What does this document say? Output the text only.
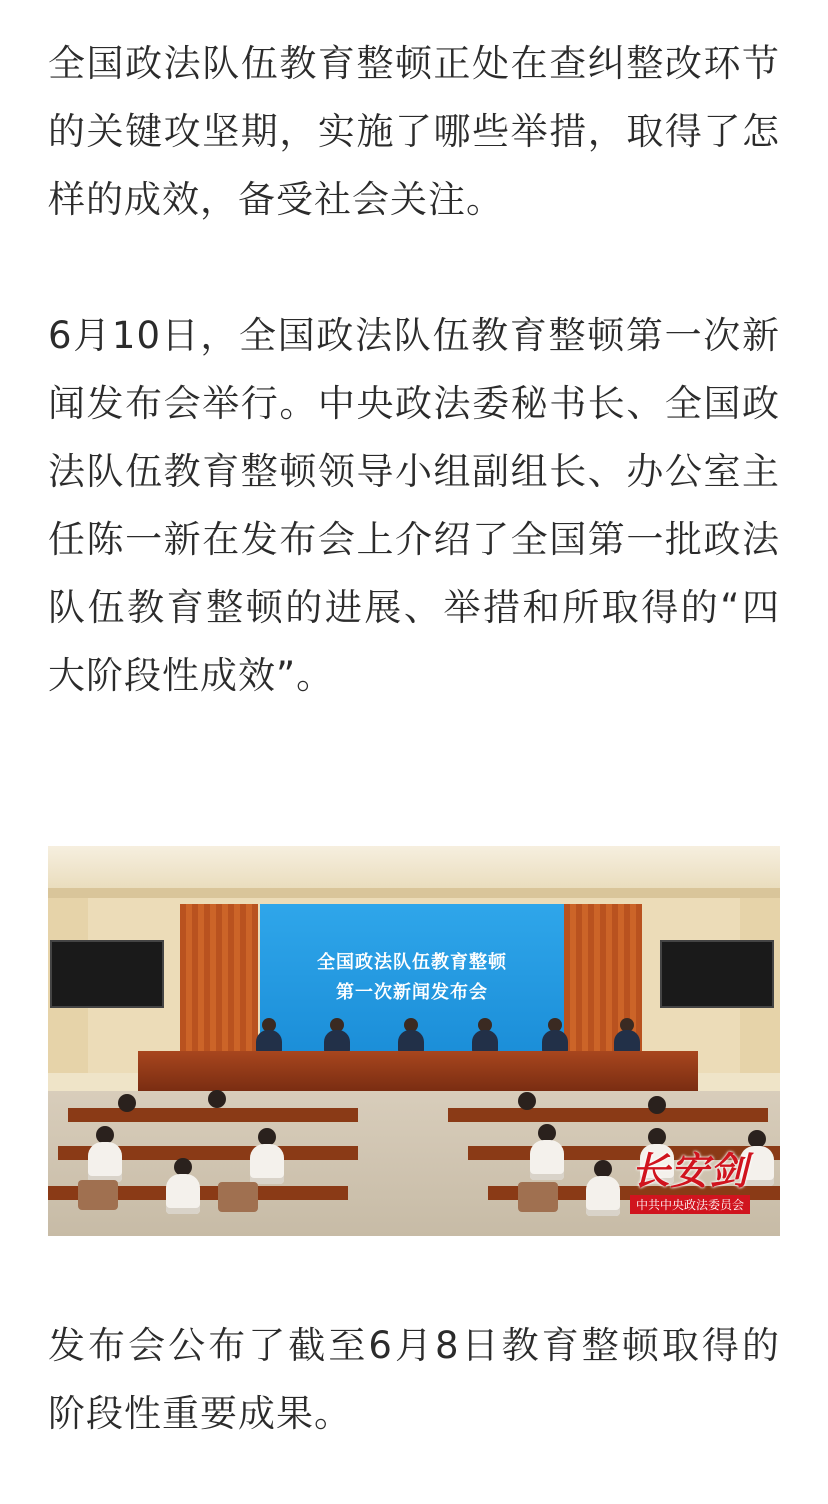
全国政法队伍教育整顿正处在查纠整改环节的关键攻坚期，实施了哪些举措，取得了怎样的成效，备受社会关注。

6月10日，全国政法队伍教育整顿第一次新闻发布会举行。中央政法委秘书长、全国政法队伍教育整顿领导小组副组长、办公室主任陈一新在发布会上介绍了全国第一批政法队伍教育整顿的进展、举措和所取得的“四大阶段性成效”。

全国政法队伍教育整顿
第一次新闻发布会
长安剑
中共中央政法委员会

发布会公布了截至6月8日教育整顿取得的阶段性重要成果。
